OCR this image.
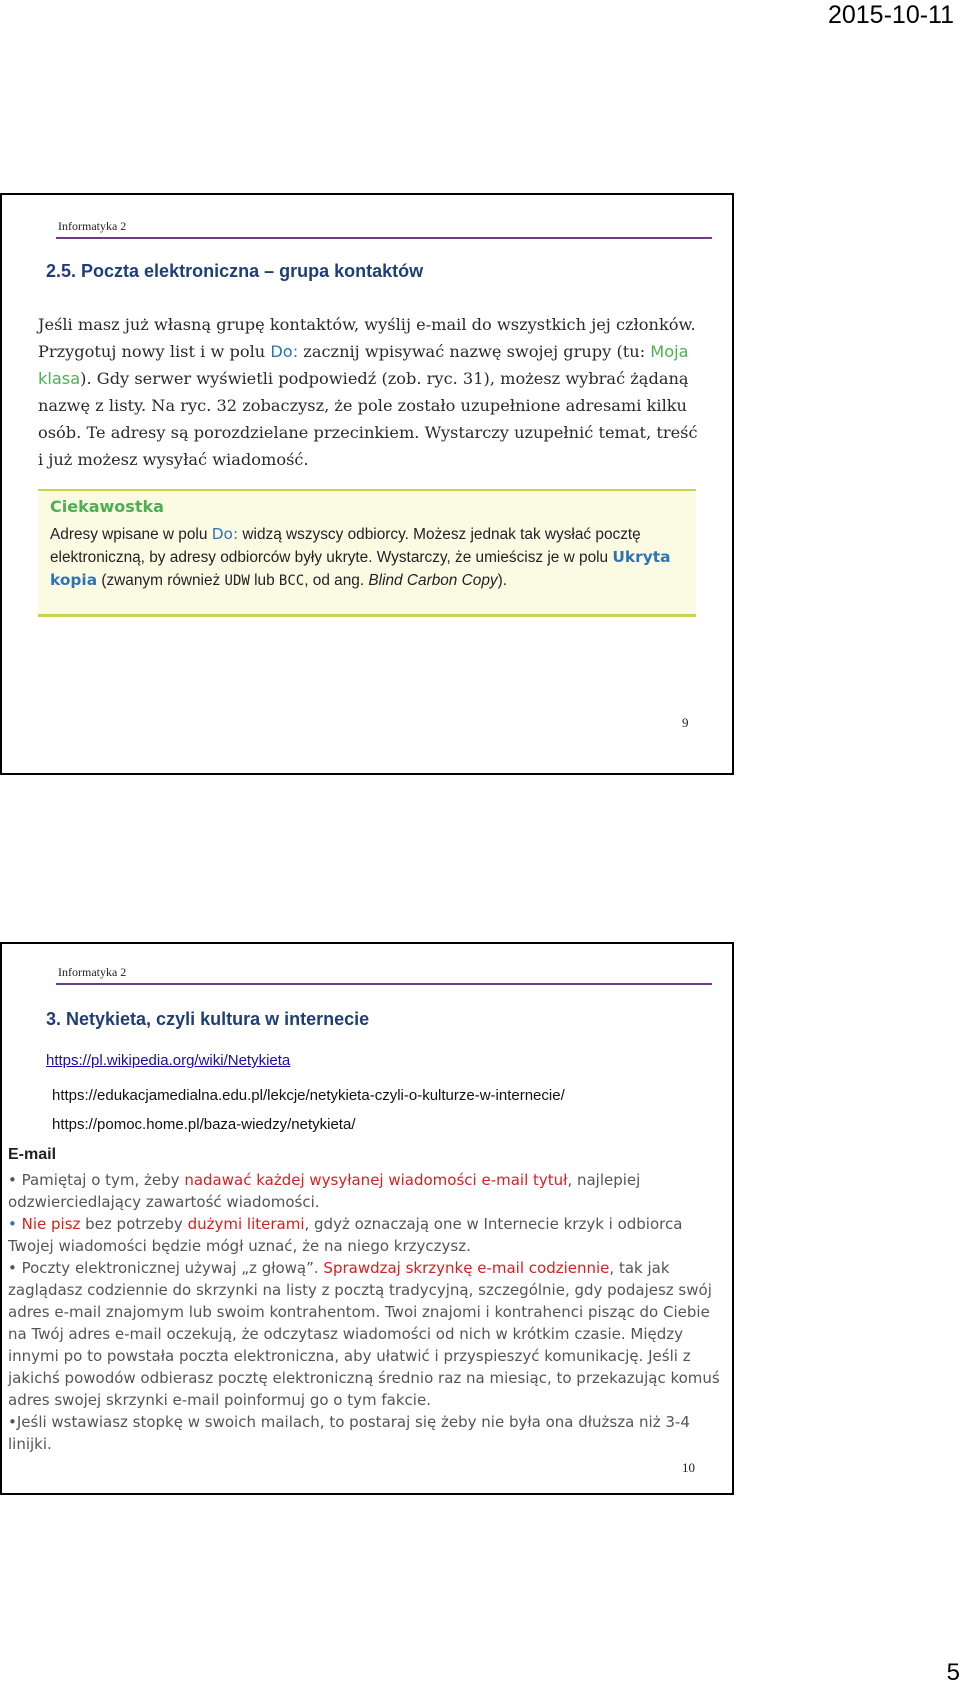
2015-10-11
Informatyka 2
2.5. Poczta elektroniczna – grupa kontaktów
Jeśli masz już własną grupę kontaktów, wyślij e-mail do wszystkich jej członków. Przygotuj nowy list i w polu Do: zacznij wpisywać nazwę swojej grupy (tu: Moja klasa). Gdy serwer wyświetli podpowiedź (zob. ryc. 31), możesz wybrać żądaną nazwę z listy. Na ryc. 32 zobaczysz, że pole zostało uzupełnione adresami kilku osób. Te adresy są porozdzielane przecinkiem. Wystarczy uzupełnić temat, treść i już możesz wysyłać wiadomość.
Ciekawostka
Adresy wpisane w polu Do: widzą wszyscy odbiorcy. Możesz jednak tak wysłać pocztę elektroniczną, by adresy odbiorców były ukryte. Wystarczy, że umieścisz je w polu Ukryta kopia (zwanym również UDW lub BCC, od ang. Blind Carbon Copy).
9
Informatyka 2
3. Netykieta, czyli kultura w internecie
https://pl.wikipedia.org/wiki/Netykieta
https://edukacjamedialna.edu.pl/lekcje/netykieta-czyli-o-kulturze-w-internecie/
https://pomoc.home.pl/baza-wiedzy/netykieta/
E-mail
• Pamiętaj o tym, żeby nadawać każdej wysyłanej wiadomości e-mail tytuł, najlepiej odzwierciedlający zawartość wiadomości.
• Nie pisz bez potrzeby dużymi literami, gdyż oznaczają one w Internecie krzyk i odbiorca Twojej wiadomości będzie mógł uznać, że na niego krzyczysz.
• Poczty elektronicznej używaj „z głową”. Sprawdzaj skrzynkę e-mail codziennie, tak jak zaglądasz codziennie do skrzynki na listy z pocztą tradycyjną, szczególnie, gdy podajesz swój adres e-mail znajomym lub swoim kontrahentom. Twoi znajomi i kontrahenci pisząc do Ciebie na Twój adres e-mail oczekują, że odczytasz wiadomości od nich w krótkim czasie. Między innymi po to powstała poczta elektroniczna, aby ułatwić i przyspieszyć komunikację. Jeśli z jakichś powodów odbierasz pocztę elektroniczną średnio raz na miesiąc, to przekazując komuś adres swojej skrzynki e-mail poinformuj go o tym fakcie.
•Jeśli wstawiasz stopkę w swoich mailach, to postaraj się żeby nie była ona dłuższa niż 3-4 linijki.
10
5
